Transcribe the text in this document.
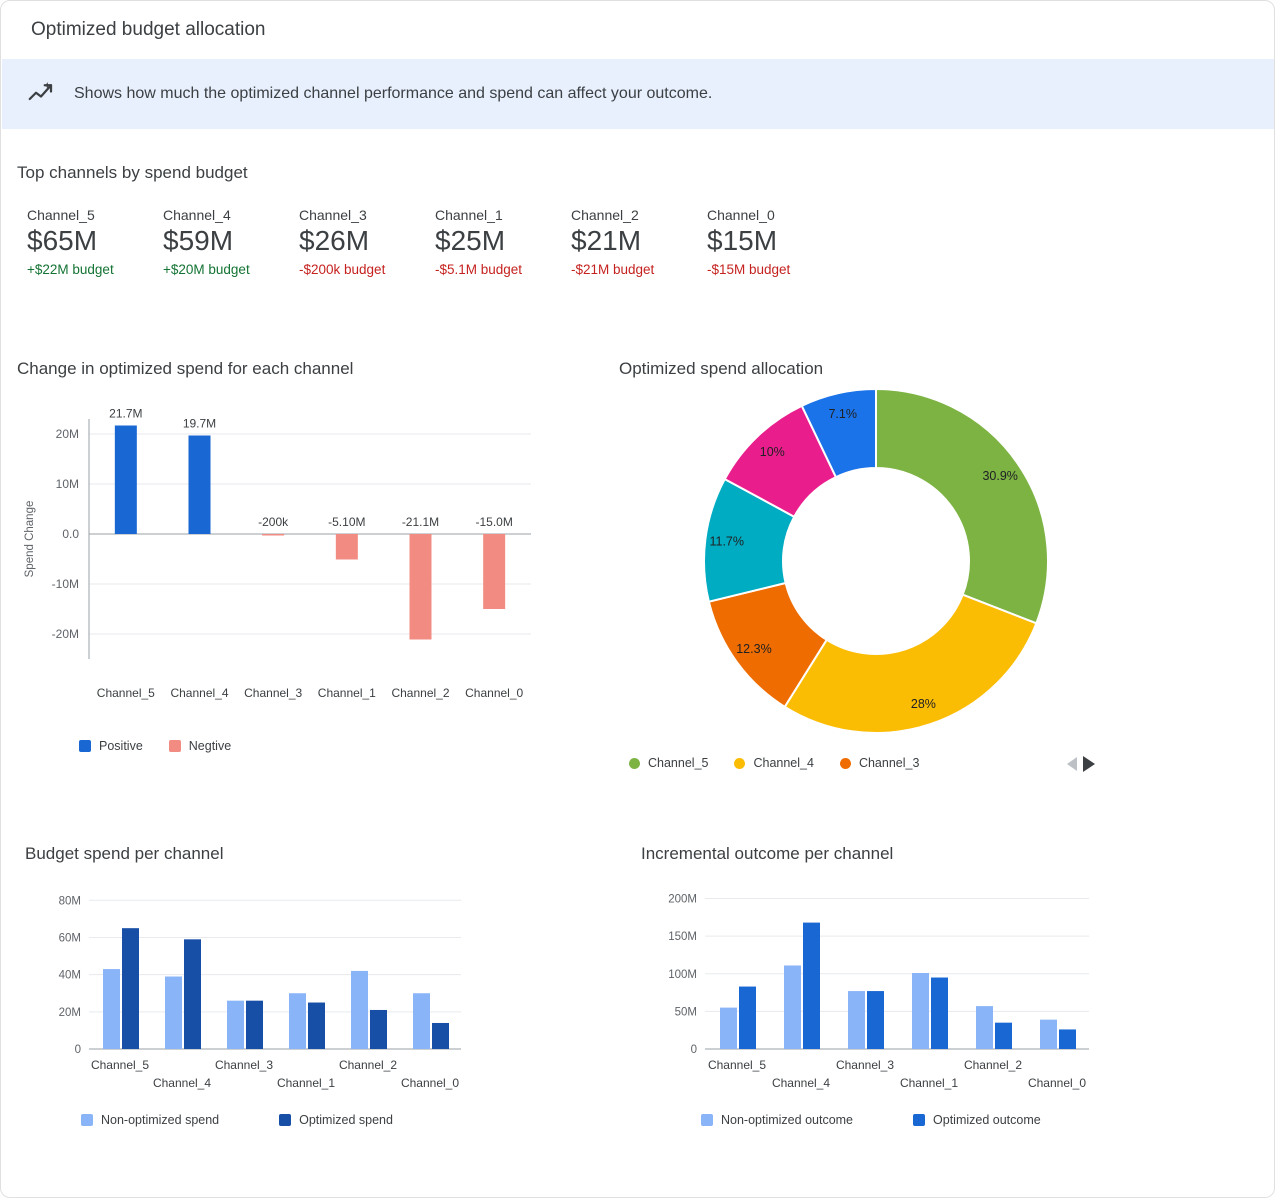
Optimized budget allocation
Shows how much the optimized channel performance and spend can affect your outcome.
Top channels by spend budget
Channel_5
$65M
+$22M budget
Channel_4
$59M
+$20M budget
Channel_3
$26M
-$200k budget
Channel_1
$25M
-$5.1M budget
Channel_2
$21M
-$21M budget
Channel_0
$15M
-$15M budget
Change in optimized spend for each channel
20M
10M
0.0
-10M
-20M
Spend Change
21.7M
Channel_5
19.7M
Channel_4
-200k
Channel_3
-5.10M
Channel_1
-21.1M
Channel_2
-15.0M
Channel_0
Positive	Negtive
Optimized spend allocation
30.9%
28%
12.3%
11.7%
10%
7.1%
Channel_5	Channel_4	Channel_3
Budget spend per channel
0
20M
40M
60M
80M
Channel_5
Channel_4
Channel_3
Channel_1
Channel_2
Channel_0
Non-optimized spend	Optimized spend
Incremental outcome per channel
0
50M
100M
150M
200M
Channel_5
Channel_4
Channel_3
Channel_1
Channel_2
Channel_0
Non-optimized outcome	Optimized outcome
